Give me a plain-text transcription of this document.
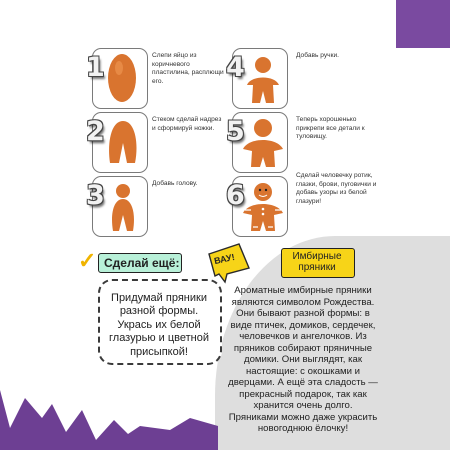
1	Слепи яйцо из коричневого пластилина, расплющи его.
2	Стеком сделай надрез и сформируй ножки.
3	Добавь голову.
4	Добавь ручки.
5	Теперь хорошенько прикрепи все детали к туловищу.
6
Сделай человечку ротик, глазки, брови, пуговички и добавь узоры из белой глазури!
✓ Сделай ещё:
Придумай пряники разной формы. Укрась их белой глазурью и цветной присыпкой!
ВАУ!	Имбирные пряники
Ароматные имбирные пряники являются символом Рождества. Они бывают разной формы: в виде птичек, домиков, сердечек, человечков и ангелочков. Из пряников собирают пряничные домики. Они выглядят, как настоящие: с окошками и дверцами. А ещё эта сладость — прекрасный подарок, так как хранится очень долго. Пряниками можно даже украсить новогоднюю ёлочку!
